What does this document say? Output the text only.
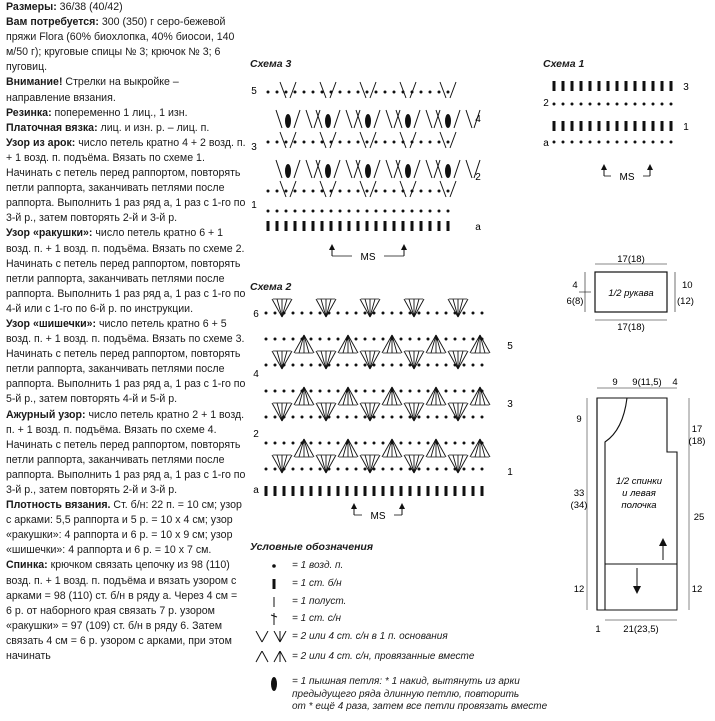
Размеры: 36/38 (40/42)

Вам потребуется: 300 (350) г серо-бежевой пряжи Flora (60% биохлопка, 40% биосои, 140 м/50 г); круговые спицы № 3; крючок № 3; 6 пуговиц.

Внимание! Стрелки на выкройке – направление вязания.

Резинка: попеременно 1 лиц., 1 изн.

Платочная вязка: лиц. и изн. р. – лиц. п.

Узор из арок: число петель кратно 4 + 2 возд. п. + 1 возд. п. подъёма. Вязать по схеме 1. Начинать с петель перед раппортом, повторять петли раппорта, заканчивать петлями после раппорта. Выполнить 1 раз ряд а, 1 раз с 1-го по 3-й р., затем повторять 2-й и 3-й р.

Узор «ракушки»: число петель кратно 6 + 1 возд. п. + 1 возд. п. подъёма. Вязать по схеме 2. Начинать с петель перед раппортом, повторять петли раппорта, заканчивать петлями после раппорта. Выполнить 1 раз ряд а, 1 раз с 1-го по 4-й или с 1-го по 6-й р. по инструкции.

Узор «шишечки»: число петель кратно 6 + 5 возд. п. + 1 возд. п. подъёма. Вязать по схеме 3. Начинать с петель перед раппортом, повторять петли раппорта, заканчивать петлями после раппорта. Выполнить 1 раз ряд а, 1 раз с 1-го по 5-й р., затем повторять 4-й и 5-й р.

Ажурный узор: число петель кратно 2 + 1 возд. п. + 1 возд. п. подъёма. Вязать по схеме 4. Начинать с петель перед раппортом, повторять петли раппорта, заканчивать петлями после раппорта. Выполнить 1 раз ряд а, 1 раз с 1-го по 3-й р., затем повторять 2-й и 3-й р.

Плотность вязания. Ст. б/н: 22 п. = 10 см; узор с арками: 5,5 раппорта и 5 р. = 10 х 4 см; узор «ракушки»: 4 раппорта и 6 р. = 10 х 9 см; узор «шишечки»: 4 раппорта и 6 р. = 10 х 7 см.

Спинка: крючком связать цепочку из 98 (110) возд. п. + 1 возд. п. подъёма и вязать узором с арками = 98 (110) ст. б/н в ряду а. Через 4 см = 6 р. от наборного края связать 7 р. узором «ракушки» = 97 (109) ст. б/н в ряду 6. Затем связать 4 см = 6 р. узором с арками, при этом начинать

Схема 3
5
3
1
4
2
а
MS
Схема 2
6
4
2
а
5
3
1
MS
Схема 1
2
а
3
1
MS
17(18)
17(18)
4
6(8)
10
(12)
1/2 рукава
9 9(11,5) 4
9
33
(34)
17
(18)
25
12	12
1 21(23,5)
1/2 спинки и левая полочка
Условные обозначения
= 1 возд. п.
= 1 ст. б/н
= 1 полуст.
= 1 ст. с/н
= 2 или 4 ст. с/н в 1 п. основания
= 2 или 4 ст. с/н, провязанные вместе
= 1 пышная петля: * 1 накид, вытянуть из арки
предыдущего ряда длинную петлю, повторить
от * ещё 4 раза, затем все петли провязать вместе
